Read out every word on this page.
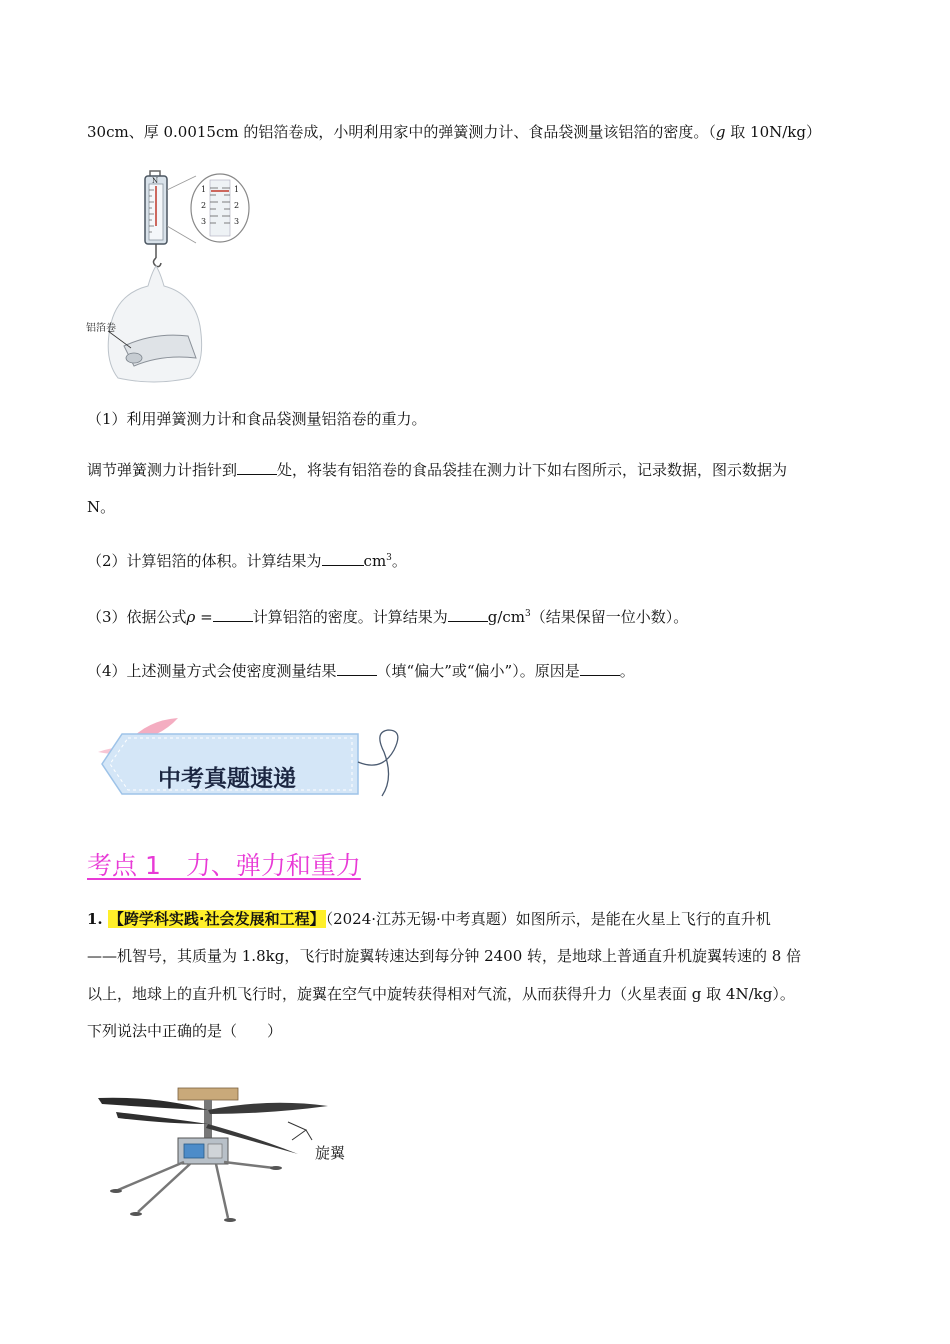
30cm、厚 0.0015cm 的铝箔卷成，小明利用家中的弹簧测力计、食品袋测量该铝箔的密度。（g 取 10N/kg）
N
1
2
3
1
2
3
铝箔卷
（1）利用弹簧测力计和食品袋测量铝箔卷的重力。
调节弹簧测力计指针到	处，将装有铝箔卷的食品袋挂在测力计下如右图所示，记录数据，图示数据为
N。
（2）计算铝箔的体积。计算结果为	$cm^3$。
（3）依据公式ρ =	计算铝箔的密度。计算结果为	$g/cm^3$（结果保留一位小数）。
（4）上述测量方式会使密度测量结果	（填“偏大”或“偏小”）。原因是	。
中考真题速递
考点 1　力、弹力和重力
1. 【跨学科实践·社会发展和工程】（2024·江苏无锡·中考真题）如图所示，是能在火星上飞行的直升机
——机智号，其质量为 1.8kg，飞行时旋翼转速达到每分钟 2400 转，是地球上普通直升机旋翼转速的 8 倍
以上，地球上的直升机飞行时，旋翼在空气中旋转获得相对气流，从而获得升力（火星表面 g 取 4N/kg）。
下列说法中正确的是（　　）
旋翼
